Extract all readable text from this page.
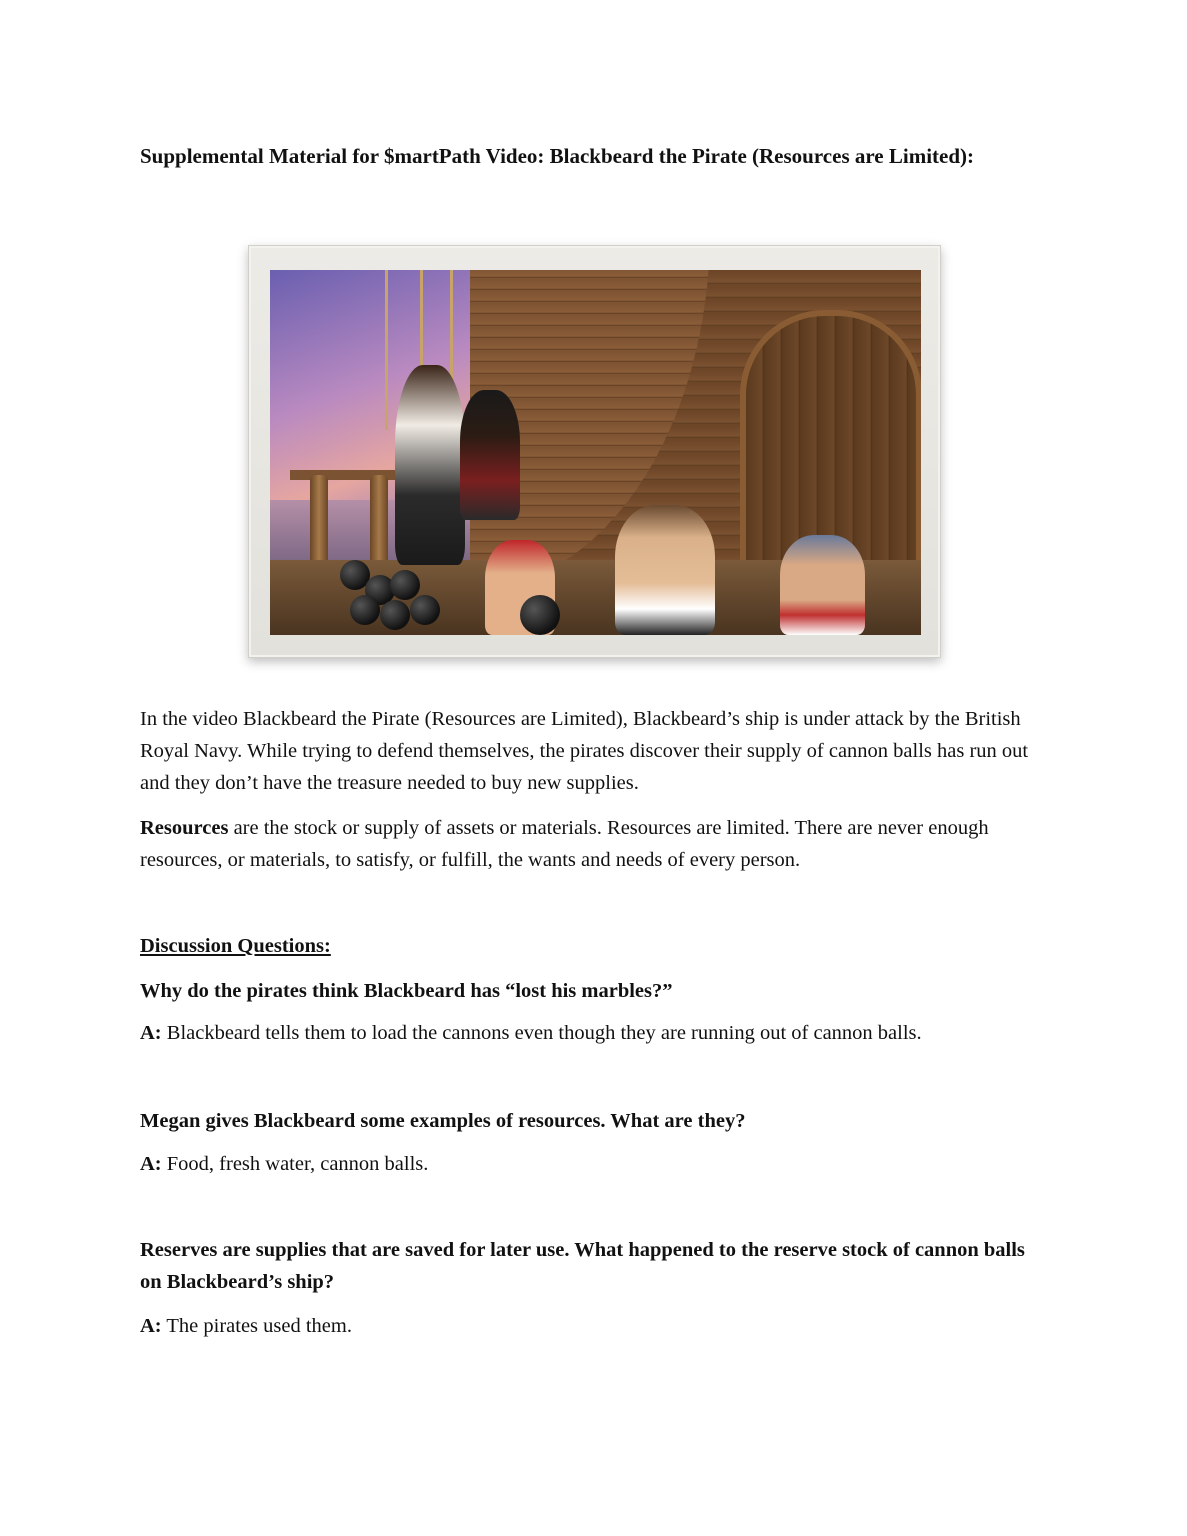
Supplemental Material for $martPath Video: Blackbeard the Pirate (Resources are Limited):

In the video Blackbeard the Pirate (Resources are Limited), Blackbeard’s ship is under attack by the British Royal Navy. While trying to defend themselves, the pirates discover their supply of cannon balls has run out and they don’t have the treasure needed to buy new supplies.

Resources are the stock or supply of assets or materials. Resources are limited. There are never enough resources, or materials, to satisfy, or fulfill, the wants and needs of every person.

Discussion Questions:
Why do the pirates think Blackbeard has “lost his marbles?”
A: Blackbeard tells them to load the cannons even though they are running out of cannon balls.
Megan gives Blackbeard some examples of resources. What are they?
A: Food, fresh water, cannon balls.
Reserves are supplies that are saved for later use. What happened to the reserve stock of cannon balls on Blackbeard’s ship?
A: The pirates used them.
